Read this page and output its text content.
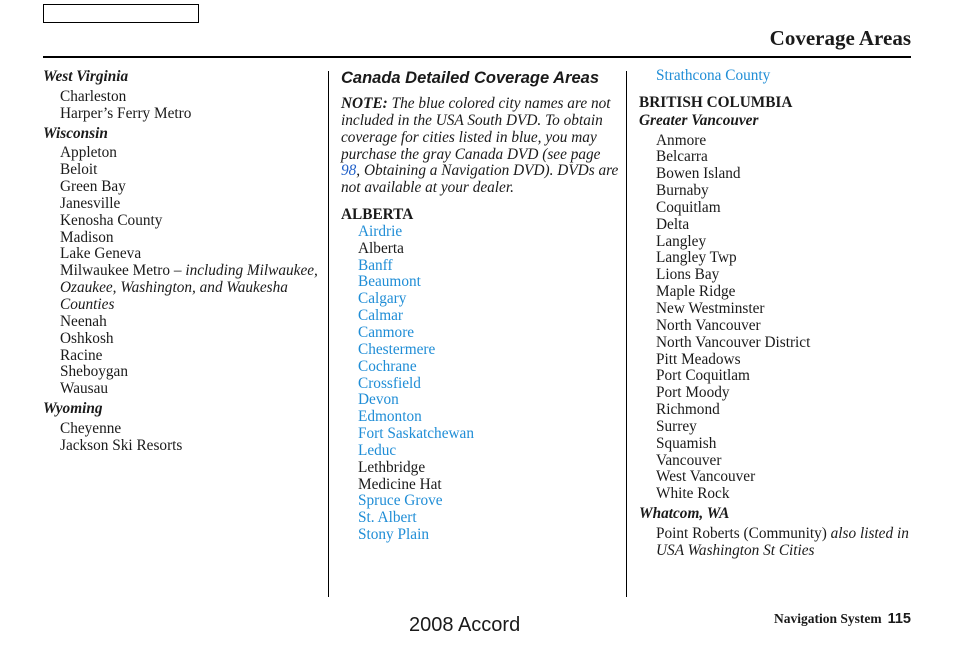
Coverage Areas
West Virginia
Charleston
Harper’s Ferry Metro
Wisconsin
Appleton
Beloit
Green Bay
Janesville
Kenosha County
Madison
Lake Geneva
Milwaukee Metro – including Milwaukee, Ozaukee, Washington, and Waukesha Counties
Neenah
Oshkosh
Racine
Sheboygan
Wausau
Wyoming
Cheyenne
Jackson Ski Resorts
Canada Detailed Coverage Areas
NOTE: The blue colored city names are not included in the USA South DVD. To obtain coverage for cities listed in blue, you may purchase the gray Canada DVD (see page 98, Obtaining a Navigation DVD). DVDs are not available at your dealer.
ALBERTA
Airdrie
Alberta
Banff
Beaumont
Calgary
Calmar
Canmore
Chestermere
Cochrane
Crossfield
Devon
Edmonton
Fort Saskatchewan
Leduc
Lethbridge
Medicine Hat
Spruce Grove
St. Albert
Stony Plain
Strathcona County
BRITISH COLUMBIA
Greater Vancouver
Anmore
Belcarra
Bowen Island
Burnaby
Coquitlam
Delta
Langley
Langley Twp
Lions Bay
Maple Ridge
New Westminster
North Vancouver
North Vancouver District
Pitt Meadows
Port Coquitlam
Port Moody
Richmond
Surrey
Squamish
Vancouver
West Vancouver
White Rock
Whatcom, WA
Point Roberts (Community) also listed in USA Washington St Cities
2008 Accord	Navigation System 115
